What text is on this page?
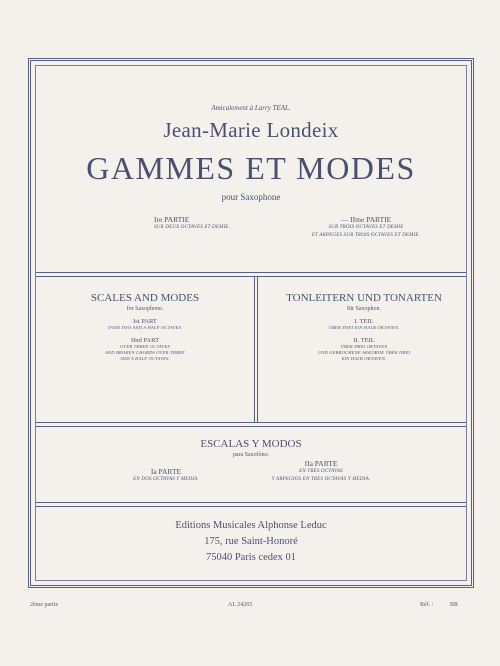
Amicalement à Larry TEAL.
Jean-Marie Londeix
GAMMES ET MODES
pour Saxophone
Ire PARTIE
SUR DEUX OCTAVES ET DEMIE.
— IIme PARTIE
SUR TROIS OCTAVES ET DEMIE
ET ARPEGES SUR TROIS OCTAVES ET DEMIE.
SCALES AND MODES
for Saxophone.
Ist PART
OVER TWO AND A HALF OCTAVES.
IInd PART
OVER THREE OCTAVES
AND BROKEN CHORDS OVER THREE
AND A HALF OCTAVES.
TONLEITERN UND TONARTEN
für Saxophon.
I. TEIL
ÜBER ZWEI EIN HALB OKTAVEN.
II. TEIL
ÜBER DREI OKTAVEN
UND GEBROCHENE AKKORDE ÜBER DREI
EIN HALB OKTAVEN.
ESCALAS Y MODOS
para Saxofóno.
Ia PARTE
EN DOS OCTAVAS Y MEDIA.
IIa PARTE
EN TRES OCTAVAS
Y ARPEGIOS EN TRES OCTAVAS Y MEDIA.
Editions Musicales Alphonse Leduc
175, rue Saint-Honoré
75040 Paris cedex 01
2ème partie	AL 24265	Réf. :	BR
